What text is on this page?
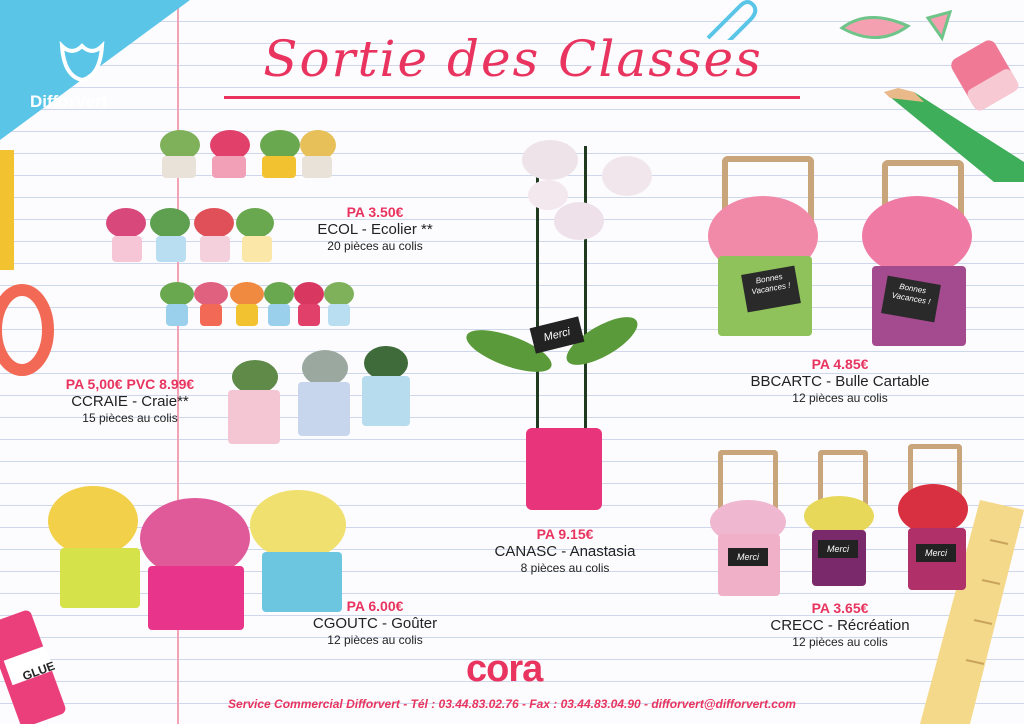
DifforVert
Sortie des Classes
GLUE
PA 3.50€
ECOL - Ecolier **
20 pièces au colis
PA 5,00€ PVC 8.99€
CCRAIE - Craie**
15 pièces au colis
PA 6.00€
CGOUTC - Goûter
12 pièces au colis
Merci
PA 9.15€
CANASC - Anastasia
8 pièces au colis
Bonnes Vacances !	Bonnes Vacances !
PA 4.85€
BBCARTC - Bulle Cartable
12 pièces au colis
Merci
Merci	Merci
PA 3.65€
CRECC - Récréation
12 pièces au colis
cora
Service Commercial Difforvert - Tél : 03.44.83.02.76 - Fax : 03.44.83.04.90 - difforvert@difforvert.com
